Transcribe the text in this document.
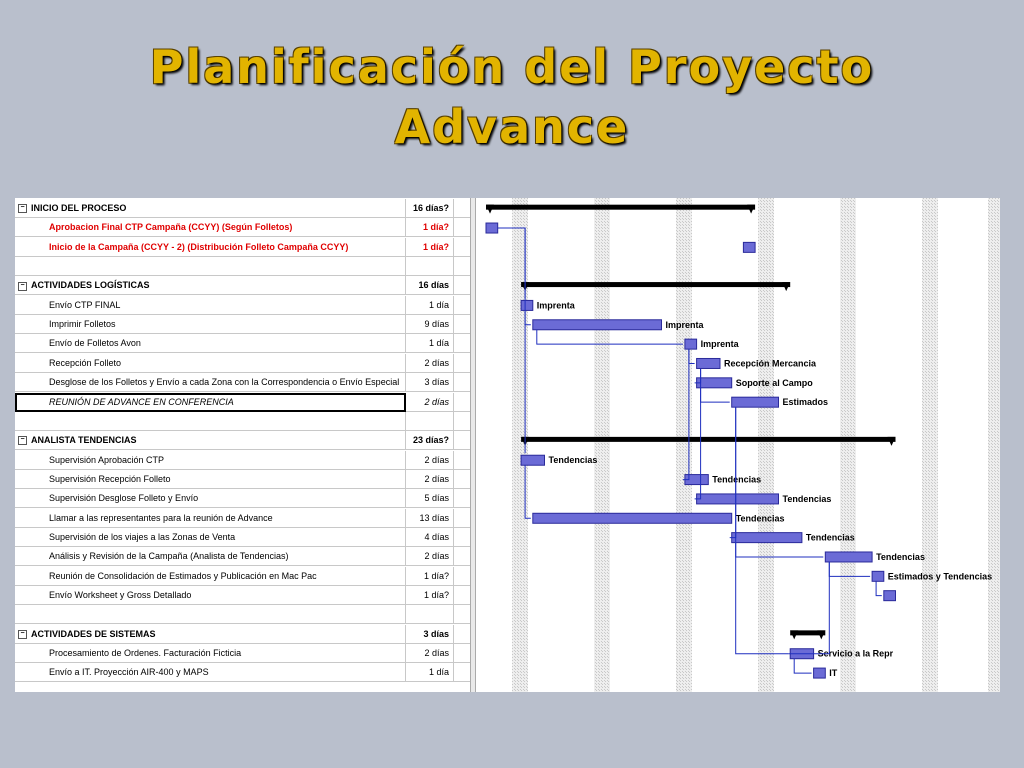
Planificación del Proyecto
Advance
− INICIO DEL PROCESO	16 días?
Aprobacion Final CTP Campaña (CCYY) (Según Folletos)	1 día?
Inicio de la Campaña (CCYY - 2) (Distribución Folleto Campaña CCYY)	1 día?
− ACTIVIDADES LOGÍSTICAS	16 días
Envío CTP FINAL	1 día
Imprimir Folletos	9 días
Envío de Folletos Avon	1 día
Recepción Folleto	2 días
Desglose de los Folletos y Envío a cada Zona con la Correspondencia o Envío Especial	3 días
REUNIÓN DE ADVANCE EN CONFERENCIA	2 días
− ANALISTA TENDENCIAS	23 días?
Supervisión Aprobación CTP	2 días
Supervisión Recepción Folleto	2 días
Supervisión Desglose Folleto y Envío	5 días
Llamar a las representantes para la reunión de Advance	13 días
Supervisión de los viajes a las Zonas de Venta	4 días
Análisis y Revisión de la Campaña (Analista de Tendencias)	2 días
Reunión de Consolidación de Estimados y Publicación en Mac Pac	1 día?
Envío Worksheet y Gross Detallado	1 día?
− ACTIVIDADES DE SISTEMAS	3 días
Procesamiento de Ordenes. Facturación Ficticia	2 días
Envío a IT. Proyección AIR-400 y MAPS	1 día
Imprenta
Imprenta
Imprenta
Recepción Mercancia
Soporte al Campo
Estimados
Tendencias
Tendencias
Tendencias
Tendencias
Tendencias
Tendencias
Estimados y Tendencias
Servicio a la Repr
IT
